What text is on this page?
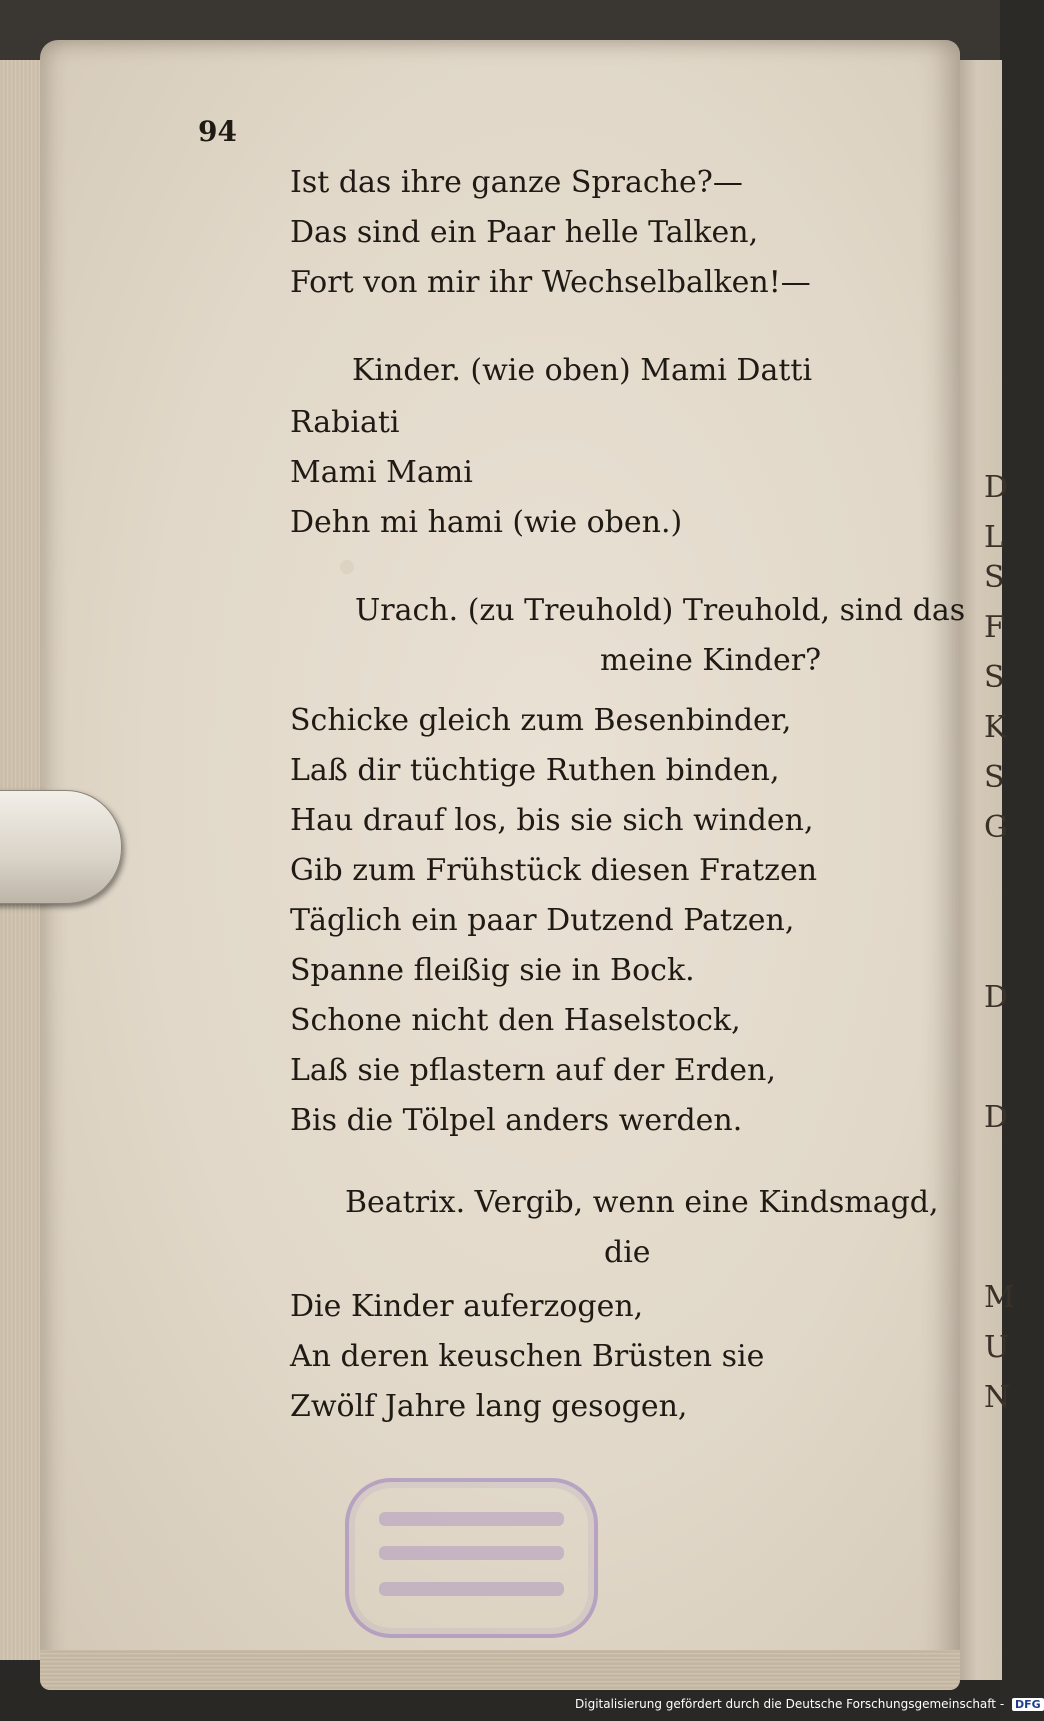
D
L
S
F
S
K
S
G
D
D
M
U
N
94
Ist das ihre ganze Sprache?—
Das sind ein Paar helle Talken,
Fort von mir ihr Wechselbalken!—
Kinder. (wie oben) Mami Datti
Rabiati
Mami Mami
Dehn mi hami (wie oben.)
Urach. (zu Treuhold) Treuhold, sind das
meine Kinder?
Schicke gleich zum Besenbinder,
Laß dir tüchtige Ruthen binden,
Hau drauf los, bis sie sich winden,
Gib zum Frühstück diesen Fratzen
Täglich ein paar Dutzend Patzen,
Spanne fleißig sie in Bock.
Schone nicht den Haselstock,
Laß sie pflastern auf der Erden,
Bis die Tölpel anders werden.
Beatrix. Vergib, wenn eine Kindsmagd,
die
Die Kinder auferzogen,
An deren keuschen Brüsten sie
Zwölf Jahre lang gesogen,
Digitalisierung gefördert durch die Deutsche Forschungsgemeinschaft - DFG
